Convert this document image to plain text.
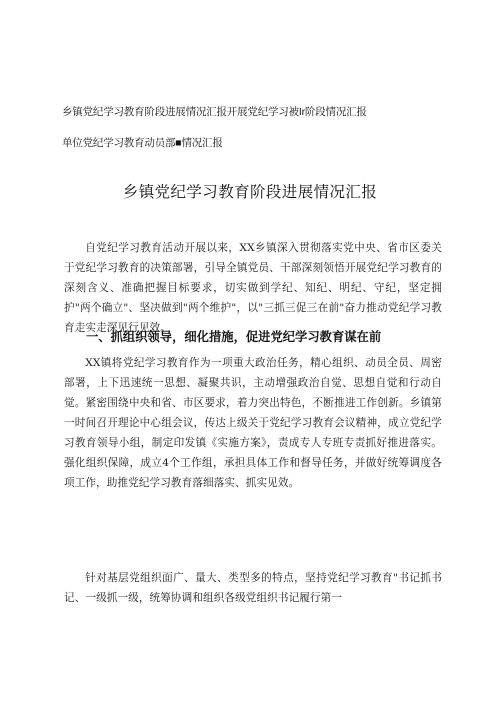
乡镇党纪学习教育阶段进展情况汇报开展党纪学习被Ir阶段情况汇报
单位党纪学习教育动员部■情况汇报
乡镇党纪学习教育阶段进展情况汇报

自党纪学习教育活动开展以来，XX乡镇深入贯彻落实党中央、省市区委关于党纪学习教育的决策部署，引导全镇党员、干部深刻领悟开展党纪学习教育的深刻含义、准确把握目标要求，切实做到学纪、知纪、明纪、守纪，坚定拥护"两个确立"、坚决做到"两个维护"，以"三抓三促三在前"奋力推动党纪学习教育走实走深见行见效。

一、抓组织领导，细化措施，促进党纪学习教育谋在前

XX镇将党纪学习教育作为一项重大政治任务，精心组织、动员全员、周密部署，上下迅速统一思想、凝聚共识，主动增强政治自觉、思想自觉和行动自觉。紧密围绕中央和省、市区要求，着力突出特色，不断推进工作创新。乡镇第一时间召开理论中心组会议，传达上级关于党纪学习教育会议精神，成立党纪学习教育领导小组，制定印发镇《实施方案》，责成专人专班专责抓好推进落实。强化组织保障，成立4个工作组，承担具体工作和督导任务，并做好统筹调度各项工作，助推党纪学习教育落细落实、抓实见效。

针对基层党组织面广、量大、类型多的特点，坚持党纪学习教育"书记抓书记、一级抓一级，统筹协调和组织各级党组织书记履行第一
